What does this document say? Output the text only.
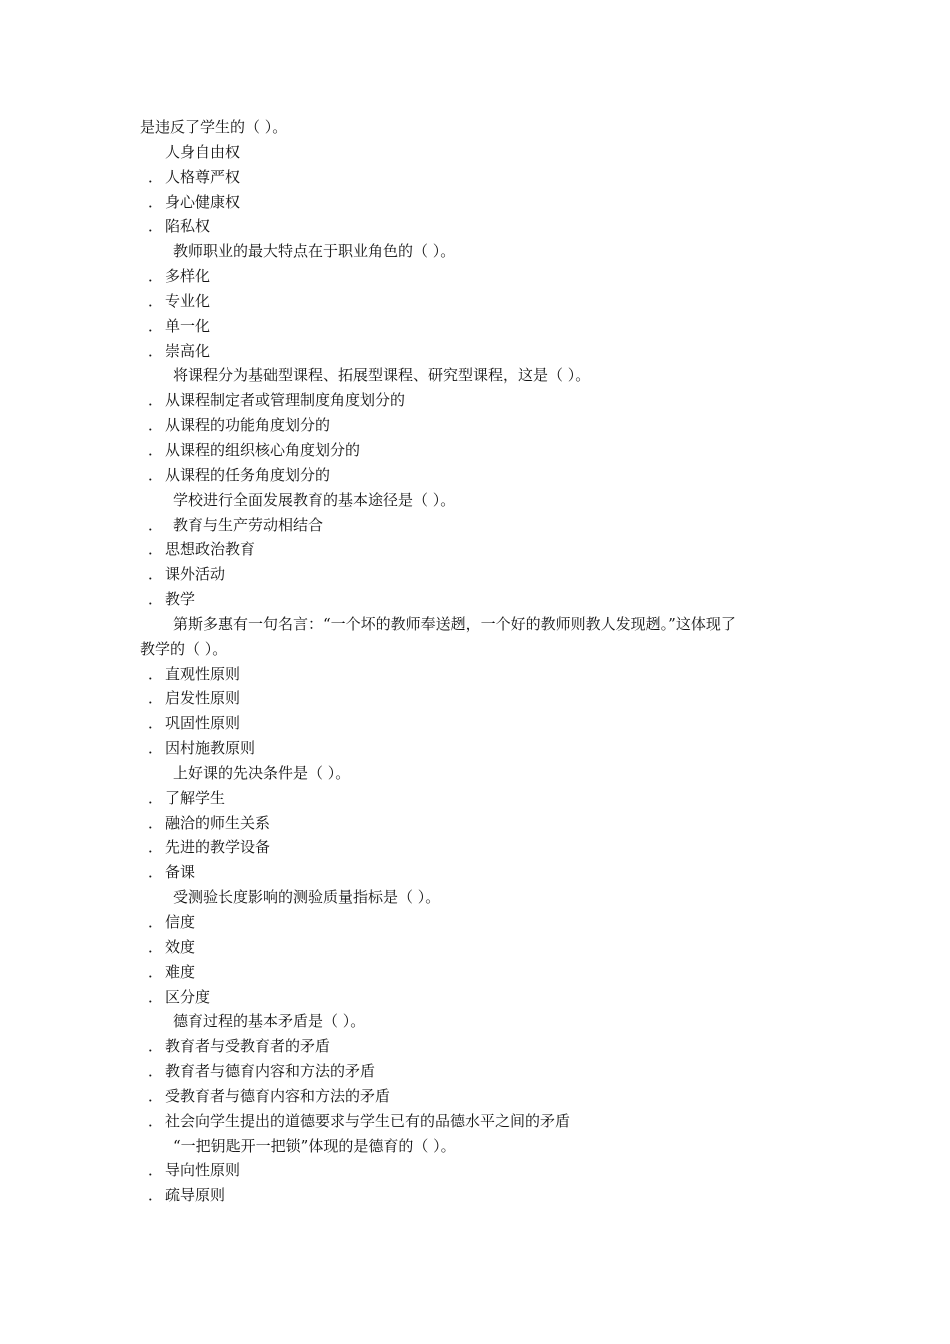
是违反了学生的（ ）。
人身自由权
． 人格尊严权
． 身心健康权
． 陷私权
教师职业的最大特点在于职业角色的（ ）。
． 多样化
． 专业化
． 单一化
． 崇高化
将课程分为基础型课程、拓展型课程、研究型课程，这是（ ）。
． 从课程制定者或管理制度角度划分的
． 从课程的功能角度划分的
． 从课程的组织核心角度划分的
． 从课程的任务角度划分的
学校进行全面发展教育的基本途径是（ ）。
． 教育与生产劳动相结合
． 思想政治教育
． 课外活动
． 教学
第斯多惠有一句名言：“一个坏的教师奉送趔，一个好的教师则教人发现趔。”这体现了
教学的（ ）。
． 直观性原则
． 启发性原则
． 巩固性原则
． 因村施教原则
上好课的先决条件是（ ）。
． 了解学生
． 融洽的师生关系
． 先进的教学设备
． 备课
受测验长度影响的测验质量指标是（ ）。
． 信度
． 效度
． 难度
． 区分度
德育过程的基本矛盾是（ ）。
． 教育者与受教育者的矛盾
． 教育者与德育内容和方法的矛盾
． 受教育者与德育内容和方法的矛盾
． 社会向学生提出的道德要求与学生已有的品德水平之间的矛盾
“一把钥匙开一把锁”体现的是德育的（ ）。
． 导向性原则
． 疏导原则
